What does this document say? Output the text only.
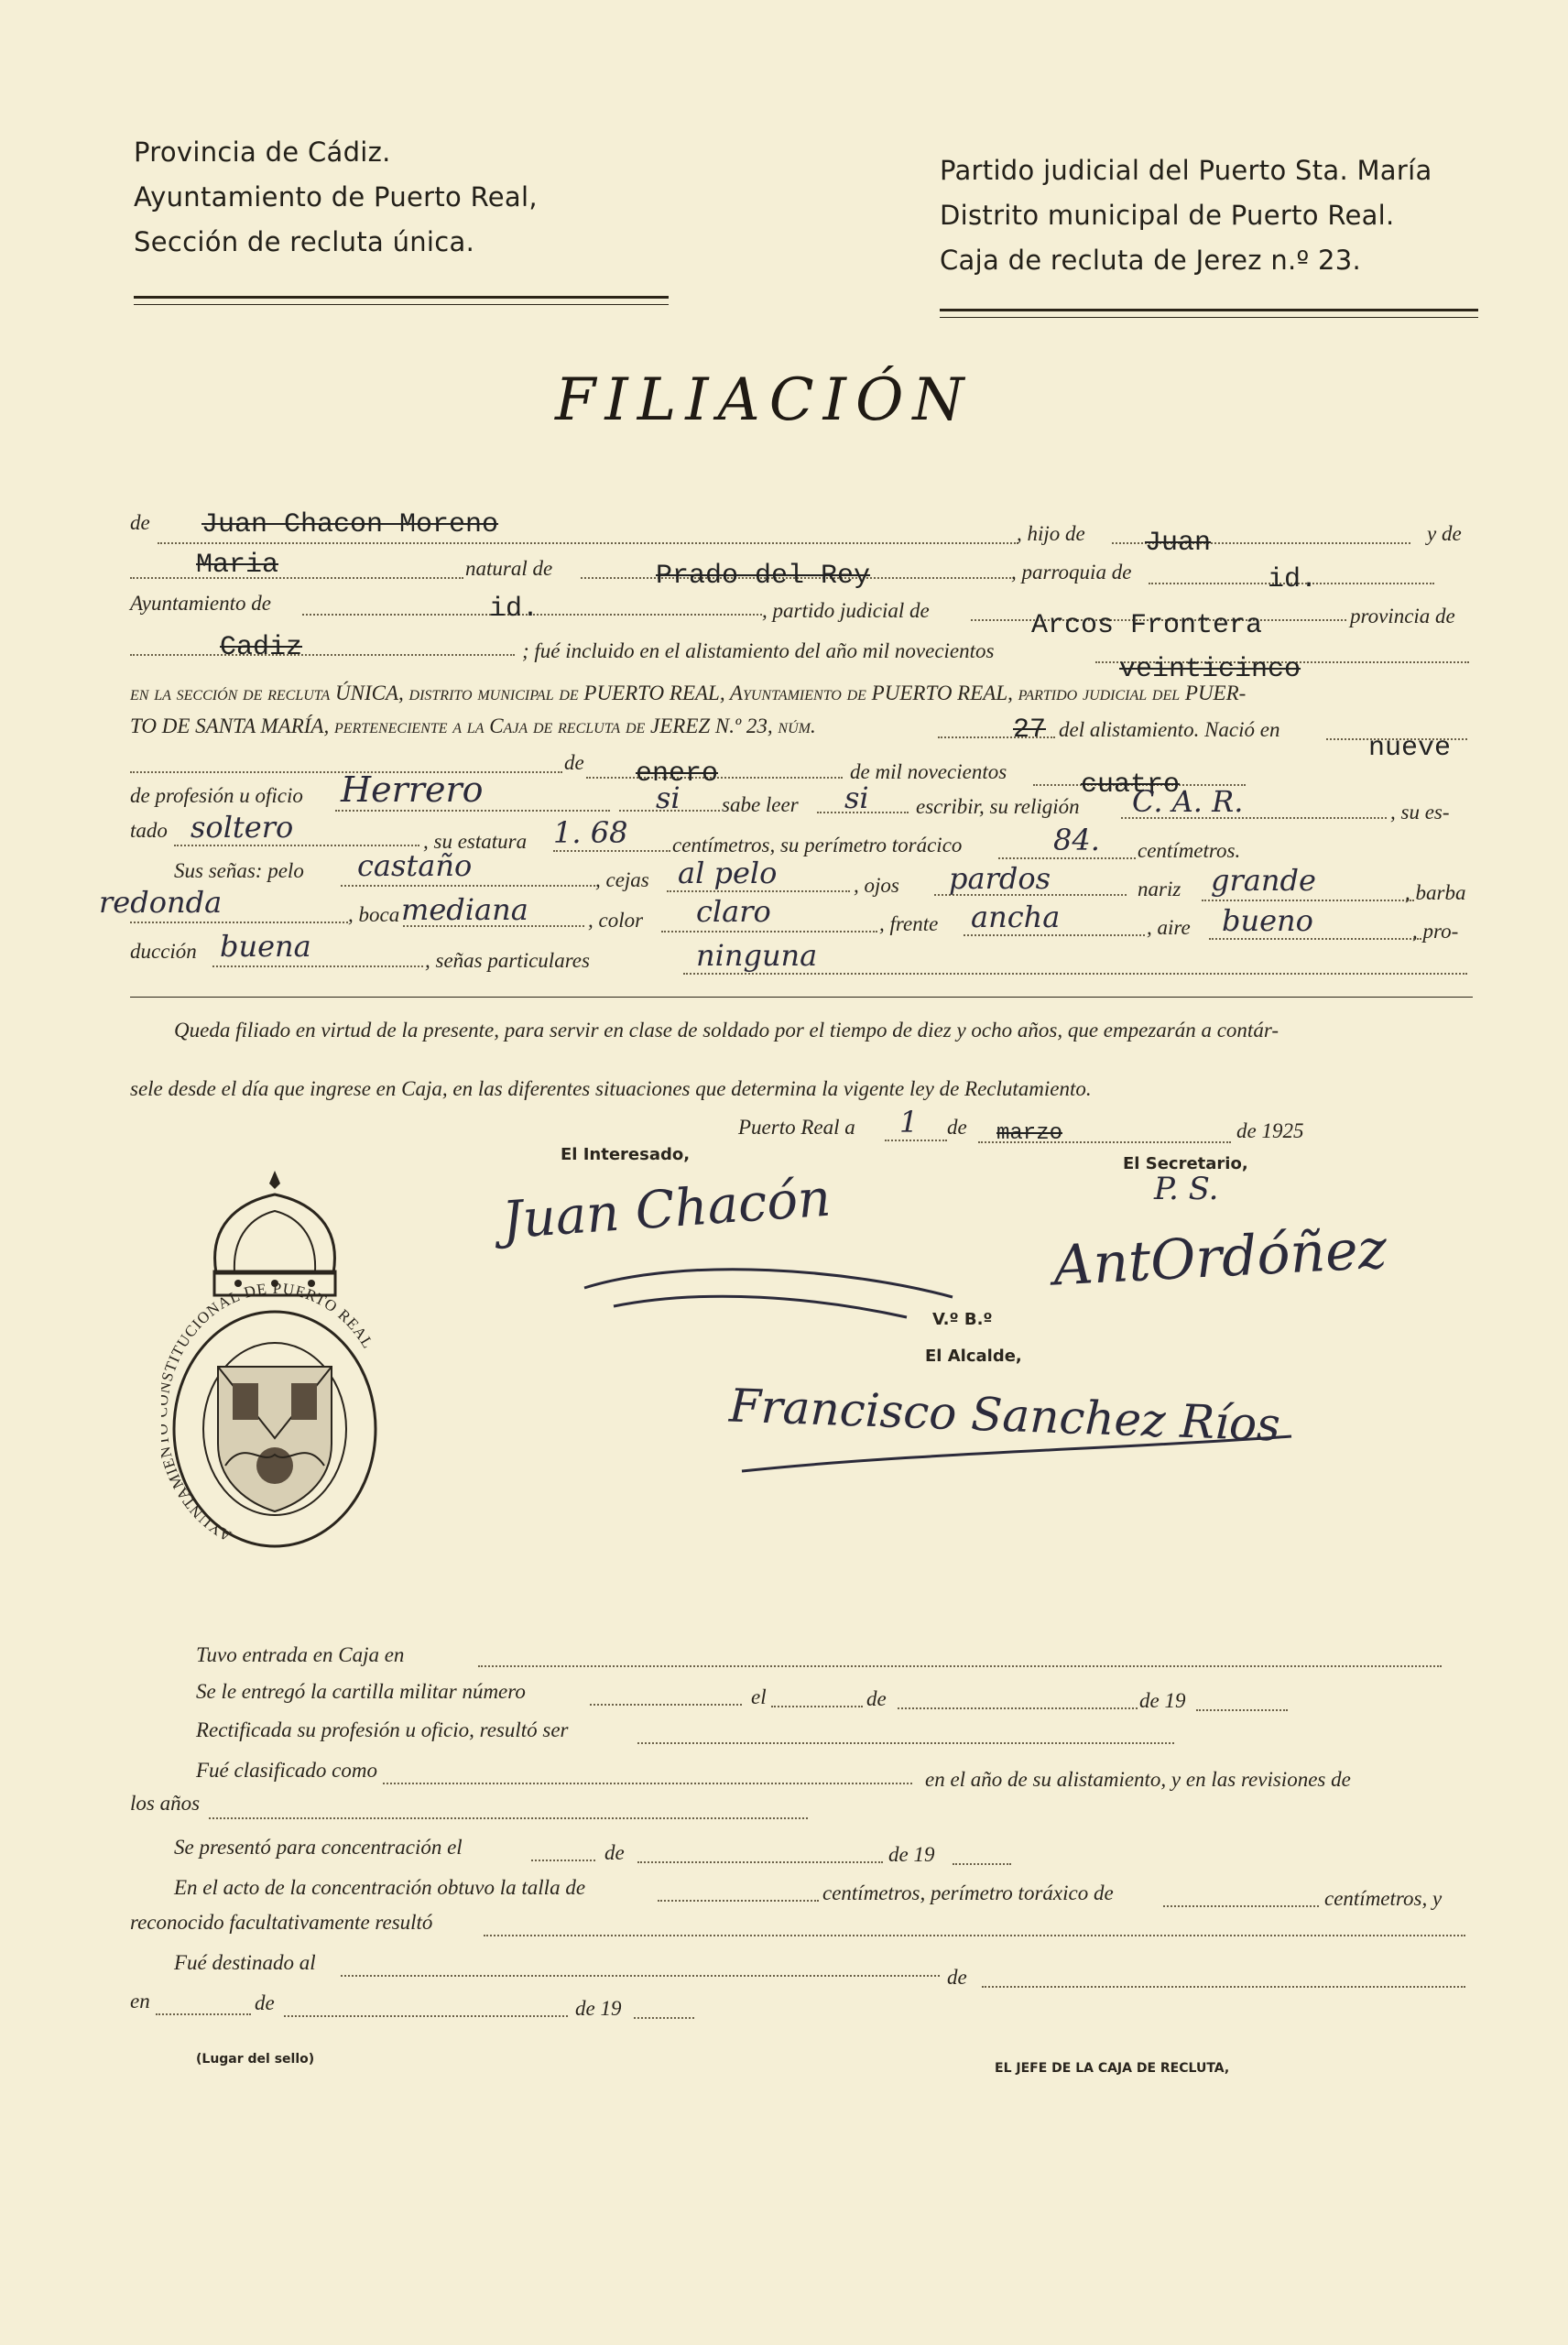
Provincia de Cádiz.
Ayuntamiento de Puerto Real,
Sección de recluta única.
Partido judicial del Puerto Sta. María
Distrito municipal de Puerto Real.
Caja de recluta de Jerez n.º 23.
FILIACIÓN
de Juan Chacon Moreno	, hijo de Juan	y de
Maria	natural de	Prado del Rey	, parroquia de	id.
Ayuntamiento de	id.	, partido judicial de	Arcos Frontera	provincia de
Cadiz	; fué incluido en el alistamiento del año mil novecientos
veinticinco
en la sección de recluta ÚNICA, distrito municipal de PUERTO REAL, Ayuntamiento de PUERTO REAL, partido judicial del PUER-
TO DE SANTA MARÍA, perteneciente a la Caja de recluta de JEREZ N.º 23, núm.	27 del alistamiento. Nació en
nueve
de enero	de mil novecientos	cuatro
de profesión u oficio Herrero	si sabe leer si escribir, su religión C. A. R.	, su es-
tado soltero	, su estatura 1. 68 centímetros, su perímetro torácico	84. centímetros.
Sus señas: pelo castaño	, cejas al pelo	, ojos pardos	nariz grande	, barba
redonda	, boca mediana	, color claro	, frente ancha	, aire bueno	, pro-
ducción buena	, señas particulares	ninguna
Queda filiado en virtud de la presente, para servir en clase de soldado por el tiempo de diez y ocho años, que empezarán a contár-
sele desde el día que ingrese en Caja, en las diferentes situaciones que determina la vigente ley de Reclutamiento.
Puerto Real a 1 de marzo	de 1925
El Interesado,	El Secretario,
V.º B.º
El Alcalde,
Juan Chacón	P. S.
AntOrdóñez
Francisco Sanchez Ríos
AYUNTAMI TITUCIONAL DE PUERTO REAL
Tuvo entrada en Caja en
Se le entregó la cartilla militar número	el	de	de 19
Rectificada su profesión u oficio, resultó ser
Fué clasificado como	en el año de su alistamiento, y en las revisiones de
los años
Se presentó para concentración el	de	de 19
En el acto de la concentración obtuvo la talla de	centímetros, perímetro toráxico de	centímetros, y
reconocido facultativamente resultó
Fué destinado al
de
en	de	de 19
(Lugar del sello)
EL JEFE DE LA CAJA DE RECLUTA,
